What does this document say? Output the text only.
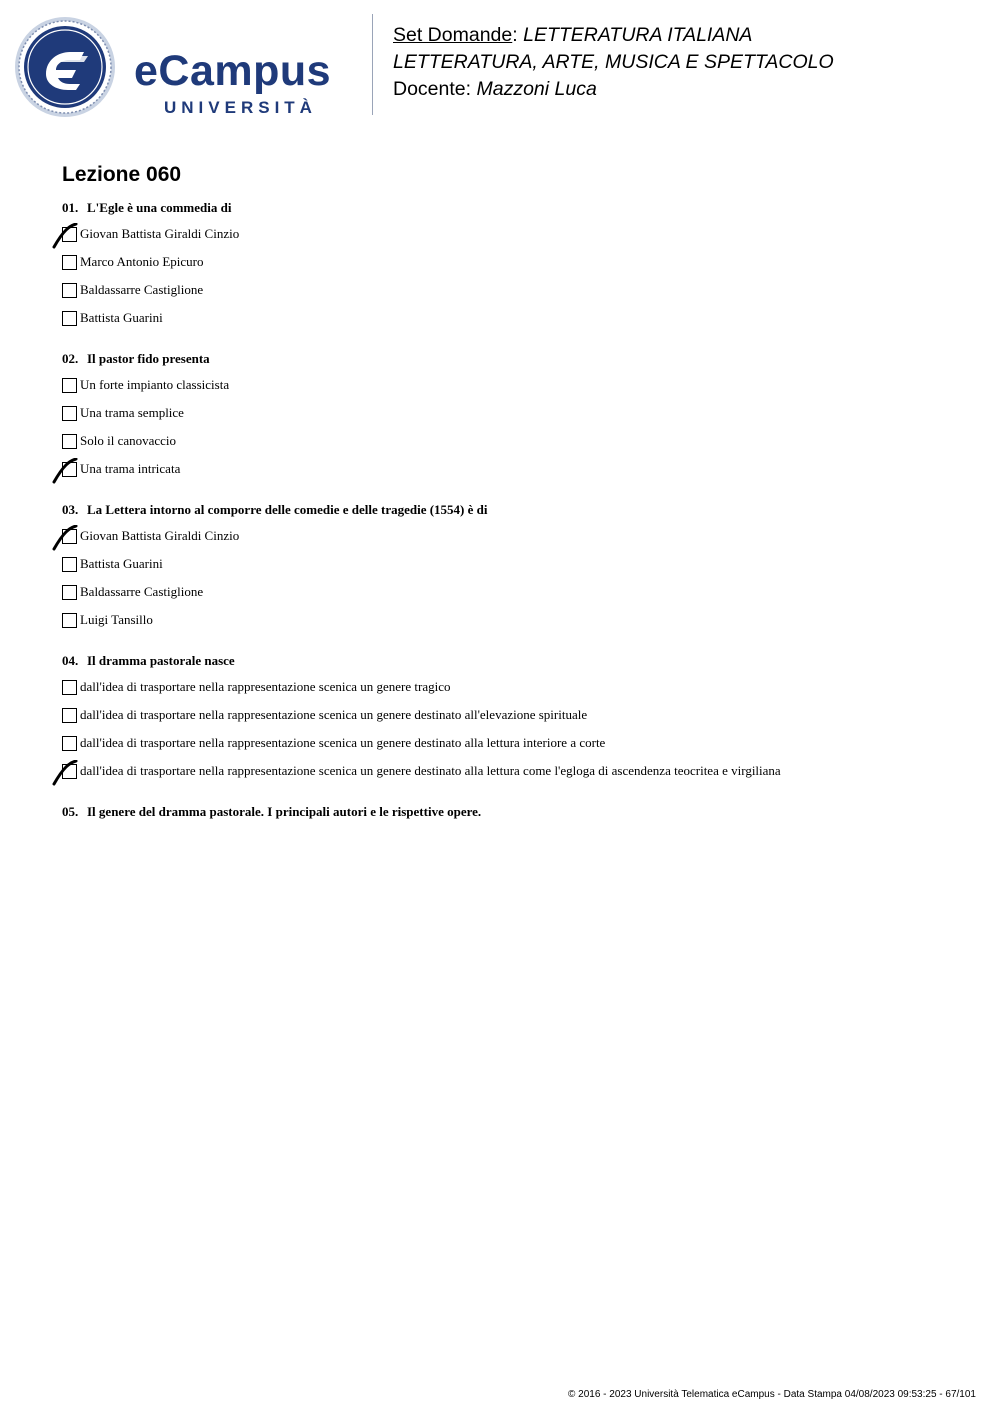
eCampus
UNIVERSITÀ
Set Domande: LETTERATURA ITALIANA
LETTERATURA, ARTE, MUSICA E SPETTACOLO
Docente: Mazzoni Luca
Lezione 060
01. L'Egle è una commedia di
Giovan Battista Giraldi Cinzio
Marco Antonio Epicuro
Baldassarre Castiglione
Battista Guarini
02. Il pastor fido presenta
Un forte impianto classicista
Una trama semplice
Solo il canovaccio
Una trama intricata
03. La Lettera intorno al comporre delle comedie e delle tragedie (1554) è di
Giovan Battista Giraldi Cinzio
Battista Guarini
Baldassarre Castiglione
Luigi Tansillo
04. Il dramma pastorale nasce
dall'idea di trasportare nella rappresentazione scenica un genere tragico
dall'idea di trasportare nella rappresentazione scenica un genere destinato all'elevazione spirituale
dall'idea di trasportare nella rappresentazione scenica un genere destinato alla lettura interiore a corte
dall'idea di trasportare nella rappresentazione scenica un genere destinato alla lettura come l'egloga di ascendenza teocritea e virgiliana
05. Il genere del dramma pastorale. I principali autori e le rispettive opere.
© 2016 - 2023 Università Telematica eCampus - Data Stampa 04/08/2023 09:53:25 - 67/101
